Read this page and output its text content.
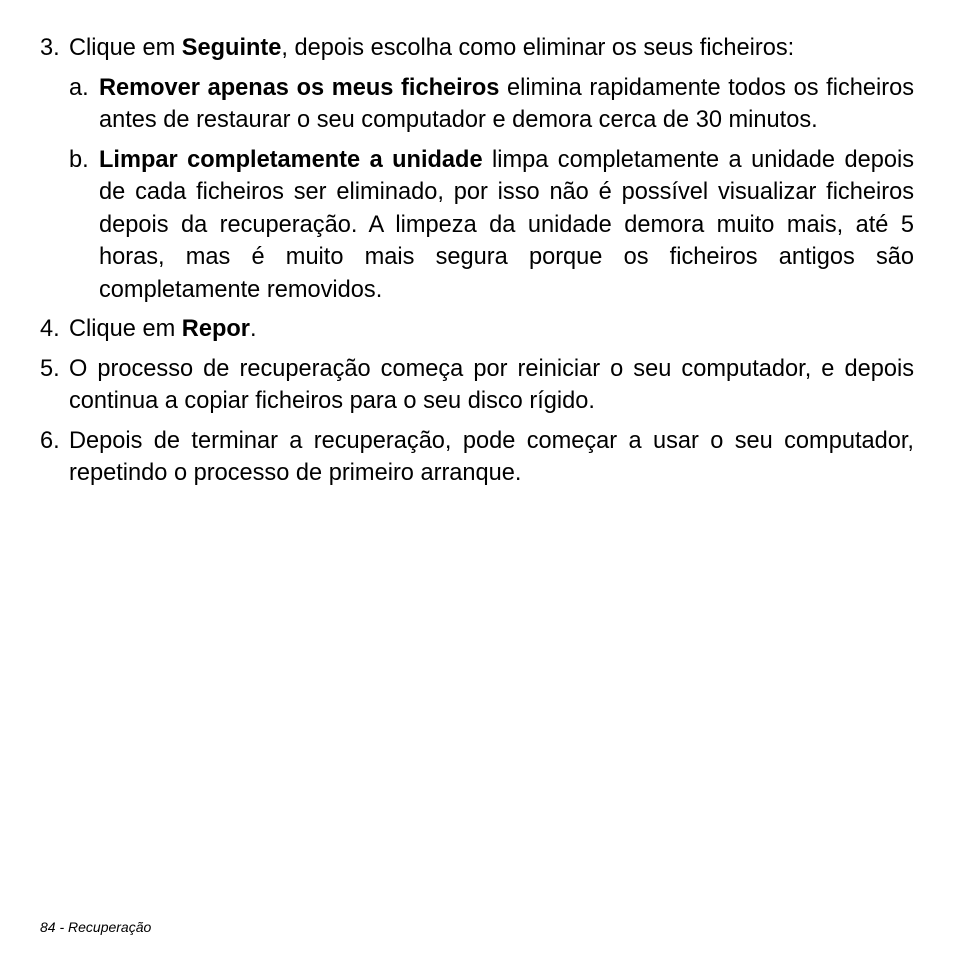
3. Clique em Seguinte, depois escolha como eliminar os seus ficheiros:
a. Remover apenas os meus ficheiros elimina rapidamente todos os ficheiros antes de restaurar o seu computador e demora cerca de 30 minutos.
b. Limpar completamente a unidade limpa completamente a unidade depois de cada ficheiros ser eliminado, por isso não é possível visualizar ficheiros depois da recuperação. A limpeza da unidade demora muito mais, até 5 horas, mas é muito mais segura porque os ficheiros antigos são completamente removidos.
4. Clique em Repor.
5. O processo de recuperação começa por reiniciar o seu computador, e depois continua a copiar ficheiros para o seu disco rígido.
6. Depois de terminar a recuperação, pode começar a usar o seu computador, repetindo o processo de primeiro arranque.
84 - Recuperação
